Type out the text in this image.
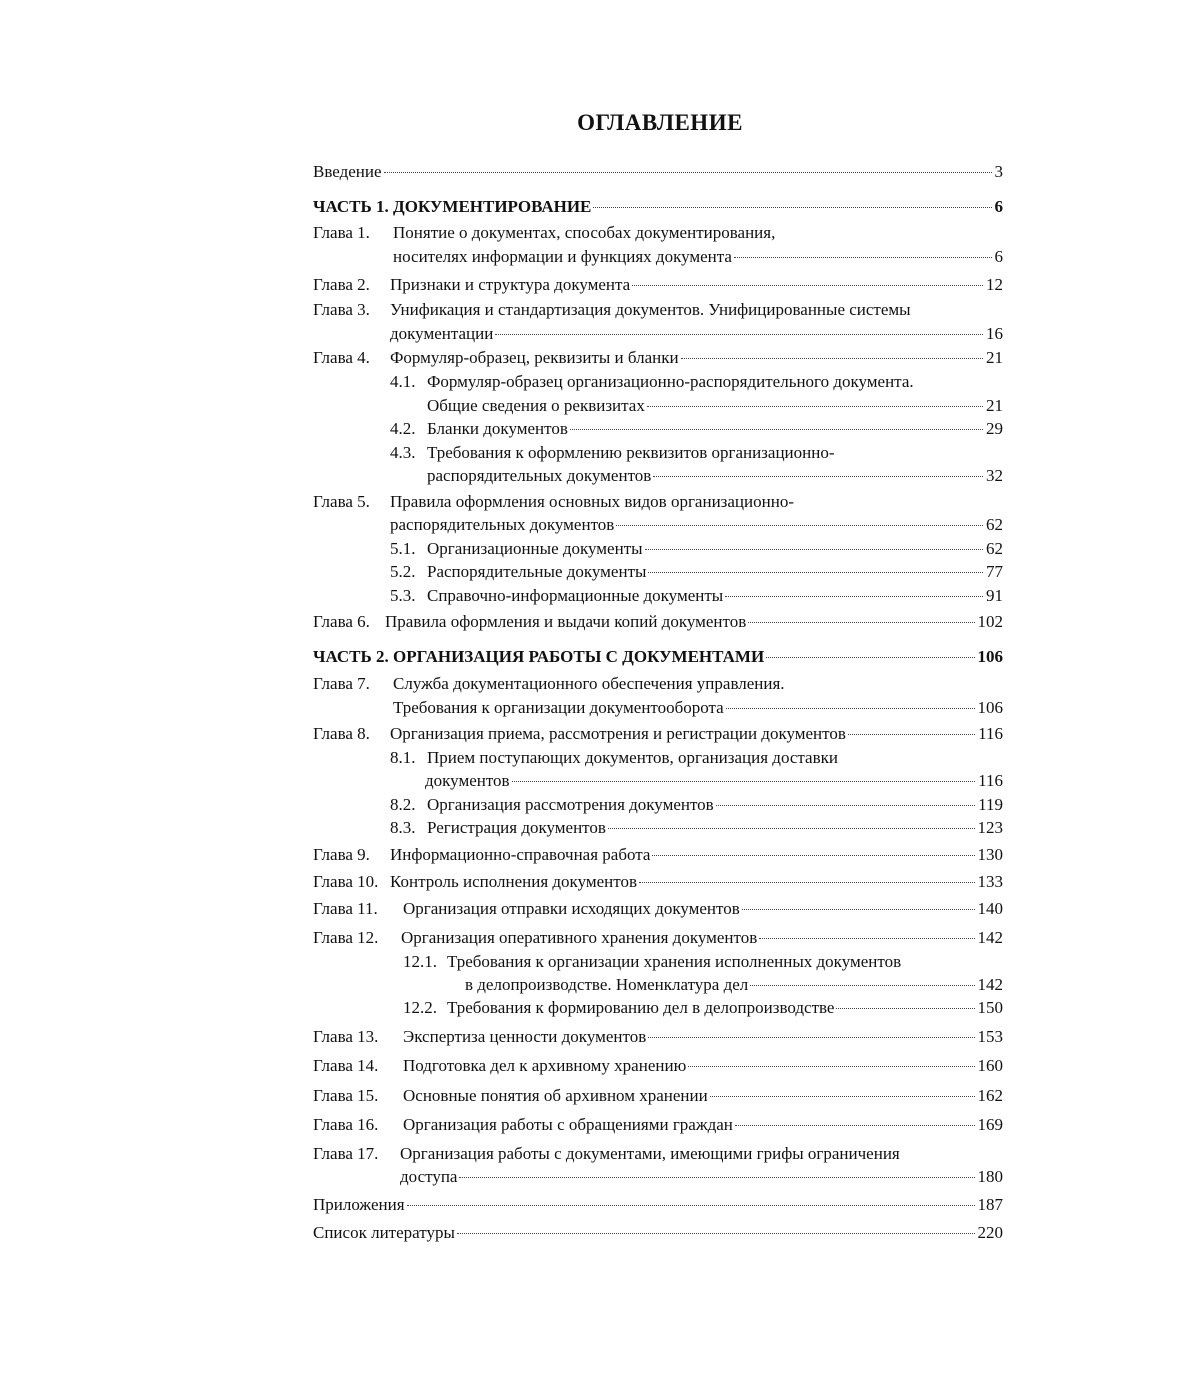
ОГЛАВЛЕНИЕ
Введение	3
ЧАСТЬ 1. ДОКУМЕНТИРОВАНИЕ	6
Глава 1. Понятие о документах, способах документирования,
носителях информации и функциях документа	6
Глава 2. Признаки и структура документа	12
Глава 3. Унификация и стандартизация документов. Унифицированные системы
документации	16
Глава 4. Формуляр-образец, реквизиты и бланки	21
4.1. Формуляр-образец организационно-распорядительного документа.
Общие сведения о реквизитах	21
4.2. Бланки документов	29
4.3. Требования к оформлению реквизитов организационно-
распорядительных документов	32
Глава 5. Правила оформления основных видов организационно-
распорядительных документов	62
5.1. Организационные документы	62
5.2. Распорядительные документы	77
5.3. Справочно-информационные документы	91
Глава 6. Правила оформления и выдачи копий документов	102
ЧАСТЬ 2. ОРГАНИЗАЦИЯ РАБОТЫ С ДОКУМЕНТАМИ	106
Глава 7. Служба документационного обеспечения управления.
Требования к организации документооборота	106
Глава 8. Организация приема, рассмотрения и регистрации документов	116
8.1. Прием поступающих документов, организация доставки
документов	116
8.2. Организация рассмотрения документов	119
8.3. Регистрация документов	123
Глава 9. Информационно-справочная работа	130
Глава 10. Контроль исполнения документов	133
Глава 11. Организация отправки исходящих документов	140
Глава 12. Организация оперативного хранения документов	142
12.1. Требования к организации хранения исполненных документов
в делопроизводстве. Номенклатура дел	142
12.2. Требования к формированию дел в делопроизводстве	150
Глава 13. Экспертиза ценности документов	153
Глава 14. Подготовка дел к архивному хранению	160
Глава 15. Основные понятия об архивном хранении	162
Глава 16. Организация работы с обращениями граждан	169
Глава 17. Организация работы с документами, имеющими грифы ограничения
доступа	180
Приложения	187
Список литературы	220
